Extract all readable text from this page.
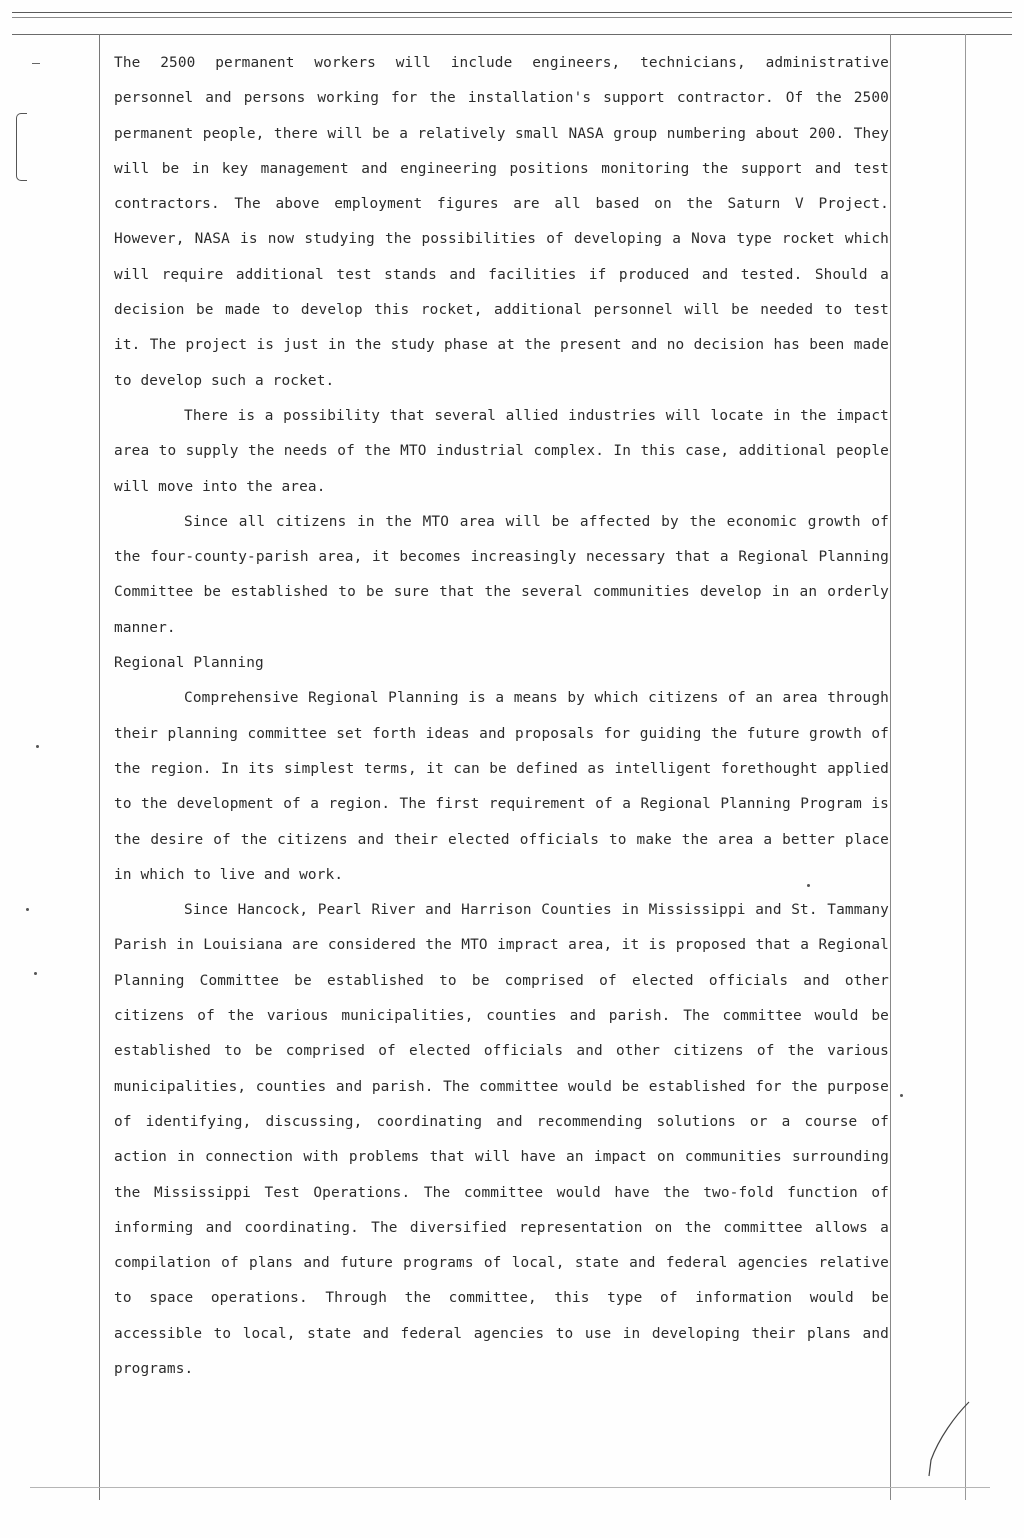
The 2500 permanent workers will include engineers, technicians, administrative personnel and persons working for the installation's support contractor. Of the 2500 permanent people, there will be a relatively small NASA group numbering about 200. They will be in key management and engineering positions monitoring the support and test contractors. The above employment figures are all based on the Saturn V Project. However, NASA is now studying the possibilities of developing a Nova type rocket which will require additional test stands and facilities if produced and tested. Should a decision be made to develop this rocket, additional personnel will be needed to test it. The project is just in the study phase at the present and no decision has been made to develop such a rocket.

There is a possibility that several allied industries will locate in the impact area to supply the needs of the MTO industrial complex. In this case, additional people will move into the area.

Since all citizens in the MTO area will be affected by the economic growth of the four-county-parish area, it becomes increasingly necessary that a Regional Planning Committee be established to be sure that the several communities develop in an orderly manner.

Regional Planning

Comprehensive Regional Planning is a means by which citizens of an area through their planning committee set forth ideas and proposals for guiding the future growth of the region. In its simplest terms, it can be defined as intelligent forethought applied to the development of a region. The first requirement of a Regional Planning Program is the desire of the citizens and their elected officials to make the area a better place in which to live and work.

Since Hancock, Pearl River and Harrison Counties in Mississippi and St. Tammany Parish in Louisiana are considered the MTO impract area, it is proposed that a Regional Planning Committee be established to be comprised of elected officials and other citizens of the various municipalities, counties and parish. The committee would be established to be comprised of elected officials and other citizens of the various municipalities, counties and parish. The committee would be established for the purpose of identifying, discussing, coordinating and recommending solutions or a course of action in connection with problems that will have an impact on communities surrounding the Mississippi Test Operations. The committee would have the two-fold function of informing and coordinating. The diversified representation on the committee allows a compilation of plans and future programs of local, state and federal agencies relative to space operations. Through the committee, this type of information would be accessible to local, state and federal agencies to use in developing their plans and programs.
